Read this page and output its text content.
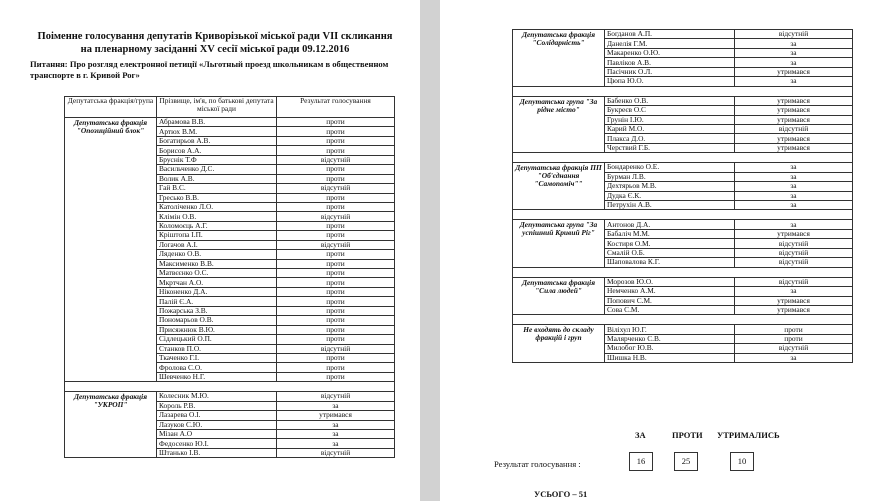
Поіменне голосування депутатів Криворізької міської ради VII скликання
на пленарному засіданні XV сесії міської ради 09.12.2016
Питання: Про розгляд електронної петиції «Льготный проезд школьникам в общественном транспорте в г. Кривой Рог»
Депутатська фракція/група	Прізвище, ім'я, по батькові депутата міської ради	Результат голосування
Депутатська фракція "Опозиційний блок"	Абрамова В.В.	проти
	Артюх В.М.	проти
	Богатирьов А.В.	проти
	Борисов А.А.	проти
	Бруснік Т.Ф	відсутній
	Васильченко Д.С.	проти
	Волик А.В.	проти
	Гай В.С.	відсутній
	Гресько В.В.	проти
	Католіченко Л.О.	проти
	Клімін О.В.	відсутній
	Коломоєць А.Г.	проти
	Кріштопа І.П.	проти
	Логачов А.І.	відсутній
	Ляденко О.В.	проти
	Максименко В.В.	проти
	Матвєєнко О.С.	проти
	Мкртчан А.О.	проти
	Ніконенко Д.А.	проти
	Палій Є.А.	проти
	Пожарська З.В.	проти
	Пономарьов О.В.	проти
	Присяжнюк В.Ю.	проти
	Сідлецький О.П.	проти
	Станков П.О.	відсутній
	Ткаченко Г.І.	проти
	Фролова С.О.	проти
	Шевченко Н.Г.	проти

Депутатська фракція "УКРОП"	Колесник М.Ю.	відсутній
	Король Р.В.	за
	Лазарева О.І.	утримався
	Лазуков С.Ю.	за
	Мізан А.О	за
	Федосенко Ю.І.	за
	Штанько І.В.	відсутній
Депутатська фракція "Солідарність"	Богданов А.П.	відсутній
	Данелія Г.М.	за
	Макаренко О.Ю.	за
	Павліков А.В.	за
	Пасічник О.Л.	утримався
	Цюпа Ю.О.	за

Депутатська група "За рідне місто"	Бабенко О.В.	утримався
	Букреєв О.С	утримався
	Грунін І.Ю.	утримався
	Карий М.О.	відсутній
	Плакса Д.О.	утримався
	Черствий Г.Б.	утримався

Депутатська фракція ПП "Об'єднання "Самопоміч""	Бондаренко О.Е.	за
	Бурман Л.В.	за
	Дехтярьов М.В.	за
	Дудка Є.К.	за
	Петрухін А.В.	за

Депутатська група "За успішний Кривий Ріг"	Антонов Д.А.	за
	Бабаліч М.М.	утримався
	Костиря О.М.	відсутній
	Смалій О.Б.	відсутній
	Шаповалова К.Г.	відсутній

Депутатська фракція "Сила людей"	Морозов Ю.О.	відсутній
	Немченко А.М.	за
	Попович С.М.	утримався
	Сова С.М.	утримався

Не входять до складу фракцій і груп	Віліхул Ю.Г.	проти
	Малярченко С.В.	проти
	Милобог Ю.В.	відсутній
	Шишка Н.В.	за
ЗА	ПРОТИ УТРИМАЛИСЬ
Результат голосування :	16	25	10
УСЬОГО – 51
